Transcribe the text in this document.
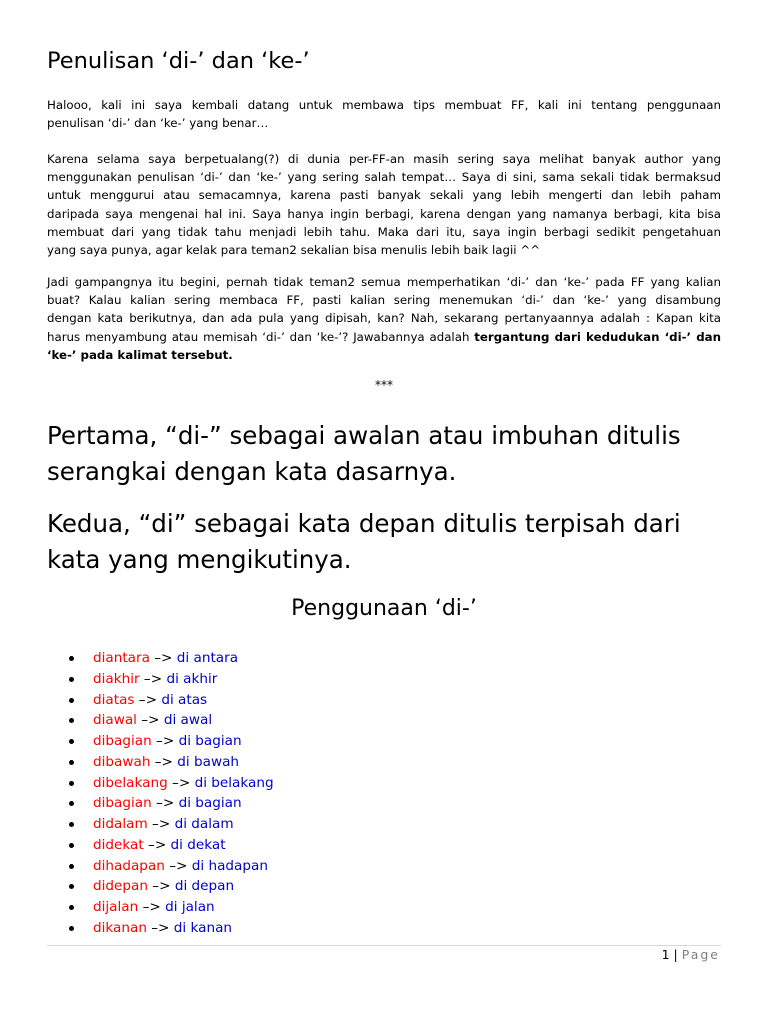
Penulisan ‘di-’ dan ‘ke-’
Halooo, kali ini saya kembali datang untuk membawa tips membuat FF, kali ini tentang penggunaan
penulisan ‘di-’ dan ‘ke-’ yang benar…
Karena selama saya berpetualang(?) di dunia per-FF-an masih sering saya melihat banyak author yang
menggunakan penulisan ‘di-’ dan ‘ke-’ yang sering salah tempat… Saya di sini, sama sekali tidak bermaksud
untuk menggurui atau semacamnya, karena pasti banyak sekali yang lebih mengerti dan lebih paham
daripada saya mengenai hal ini. Saya hanya ingin berbagi, karena dengan yang namanya berbagi, kita bisa
membuat dari yang tidak tahu menjadi lebih tahu. Maka dari itu, saya ingin berbagi sedikit pengetahuan
yang saya punya, agar kelak para teman2 sekalian bisa menulis lebih baik lagii ^^
Jadi gampangnya itu begini, pernah tidak teman2 semua memperhatikan ‘di-’ dan ‘ke-’ pada FF yang kalian
buat? Kalau kalian sering membaca FF, pasti kalian sering menemukan ‘di-’ dan ‘ke-’ yang disambung
dengan kata berikutnya, dan ada pula yang dipisah, kan? Nah, sekarang pertanyaannya adalah : Kapan kita
harus menyambung atau memisah ‘di-’ dan ‘ke-’? Jawabannya adalah tergantung dari kedudukan ‘di-’ dan
‘ke-’ pada kalimat tersebut.
***
Pertama, “di-” sebagai awalan atau imbuhan ditulis
serangkai dengan kata dasarnya.
Kedua, “di” sebagai kata depan ditulis terpisah dari
kata yang mengikutinya.
Penggunaan ‘di-’
diantara –> di antara
diakhir –> di akhir
diatas –> di atas
diawal –> di awal
dibagian –> di bagian
dibawah –> di bawah
dibelakang –> di belakang
dibagian –> di bagian
didalam –> di dalam
didekat –> di dekat
dihadapan –> di hadapan
didepan –> di depan
dijalan –> di jalan
dikanan –> di kanan
1 | Page
